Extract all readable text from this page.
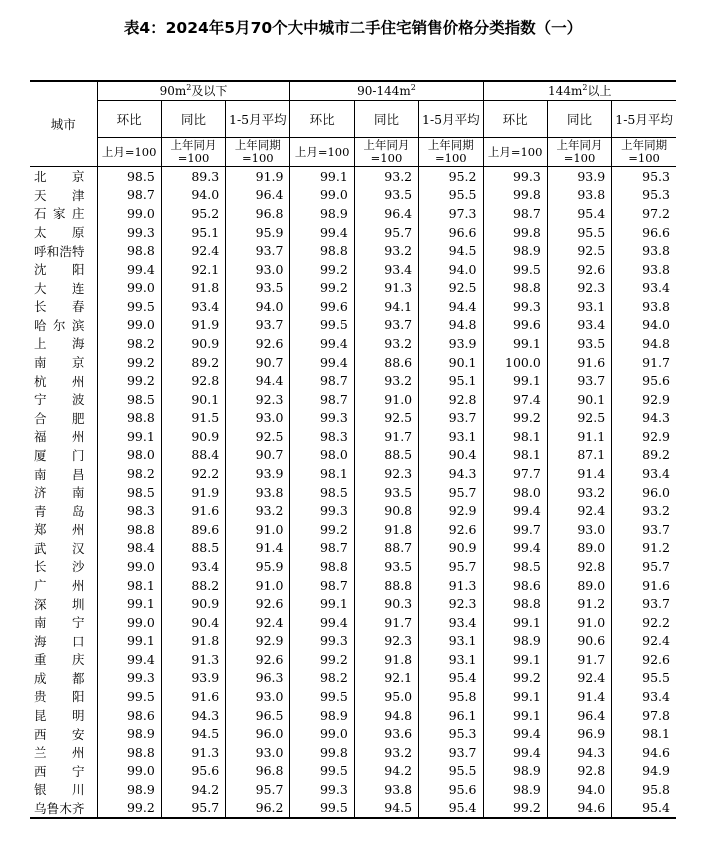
表4：2024年5月70个大中城市二手住宅销售价格分类指数（一）
城市	$90m^2$及以下			$90-144m^2$			$144m^2$以上		
	环比	同比	1-5月平均	环比	同比	1-5月平均	环比	同比	1-5月平均
	上月=100	上年同月=100	上年同期=100	上月=100	上年同月=100	上年同期=100	上月=100	上年同月=100	上年同期=100
北京	98.5	89.3	91.9	99.1	93.2	95.2	99.3	93.9	95.3
天津	98.7	94.0	96.4	99.0	93.5	95.5	99.8	93.8	95.3
石家庄	99.0	95.2	96.8	98.9	96.4	97.3	98.7	95.4	97.2
太原	99.3	95.1	95.9	99.4	95.7	96.6	99.8	95.5	96.6
呼和浩特	98.8	92.4	93.7	98.8	93.2	94.5	98.9	92.5	93.8
沈阳	99.4	92.1	93.0	99.2	93.4	94.0	99.5	92.6	93.8
大连	99.0	91.8	93.5	99.2	91.3	92.5	98.8	92.3	93.4
长春	99.5	93.4	94.0	99.6	94.1	94.4	99.3	93.1	93.8
哈尔滨	99.0	91.9	93.7	99.5	93.7	94.8	99.6	93.4	94.0
上海	98.2	90.9	92.6	99.4	93.2	93.9	99.1	93.5	94.8
南京	99.2	89.2	90.7	99.4	88.6	90.1	100.0	91.6	91.7
杭州	99.2	92.8	94.4	98.7	93.2	95.1	99.1	93.7	95.6
宁波	98.5	90.1	92.3	98.7	91.0	92.8	97.4	90.1	92.9
合肥	98.8	91.5	93.0	99.3	92.5	93.7	99.2	92.5	94.3
福州	99.1	90.9	92.5	98.3	91.7	93.1	98.1	91.1	92.9
厦门	98.0	88.4	90.7	98.0	88.5	90.4	98.1	87.1	89.2
南昌	98.2	92.2	93.9	98.1	92.3	94.3	97.7	91.4	93.4
济南	98.5	91.9	93.8	98.5	93.5	95.7	98.0	93.2	96.0
青岛	98.3	91.6	93.2	99.3	90.8	92.9	99.4	92.4	93.2
郑州	98.8	89.6	91.0	99.2	91.8	92.6	99.7	93.0	93.7
武汉	98.4	88.5	91.4	98.7	88.7	90.9	99.4	89.0	91.2
长沙	99.0	93.4	95.9	98.8	93.5	95.7	98.5	92.8	95.7
广州	98.1	88.2	91.0	98.7	88.8	91.3	98.6	89.0	91.6
深圳	99.1	90.9	92.6	99.1	90.3	92.3	98.8	91.2	93.7
南宁	99.0	90.4	92.4	99.4	91.7	93.4	99.1	91.0	92.2
海口	99.1	91.8	92.9	99.3	92.3	93.1	98.9	90.6	92.4
重庆	99.4	91.3	92.6	99.2	91.8	93.1	99.1	91.7	92.6
成都	99.3	93.9	96.3	98.2	92.1	95.4	99.2	92.4	95.5
贵阳	99.5	91.6	93.0	99.5	95.0	95.8	99.1	91.4	93.4
昆明	98.6	94.3	96.5	98.9	94.8	96.1	99.1	96.4	97.8
西安	98.9	94.5	96.0	99.0	93.6	95.3	99.4	96.9	98.1
兰州	98.8	91.3	93.0	99.8	93.2	93.7	99.4	94.3	94.6
西宁	99.0	95.6	96.8	99.5	94.2	95.5	98.9	92.8	94.9
银川	98.9	94.2	95.7	99.3	93.8	95.6	98.9	94.0	95.8
乌鲁木齐	99.2	95.7	96.2	99.5	94.5	95.4	99.2	94.6	95.4
